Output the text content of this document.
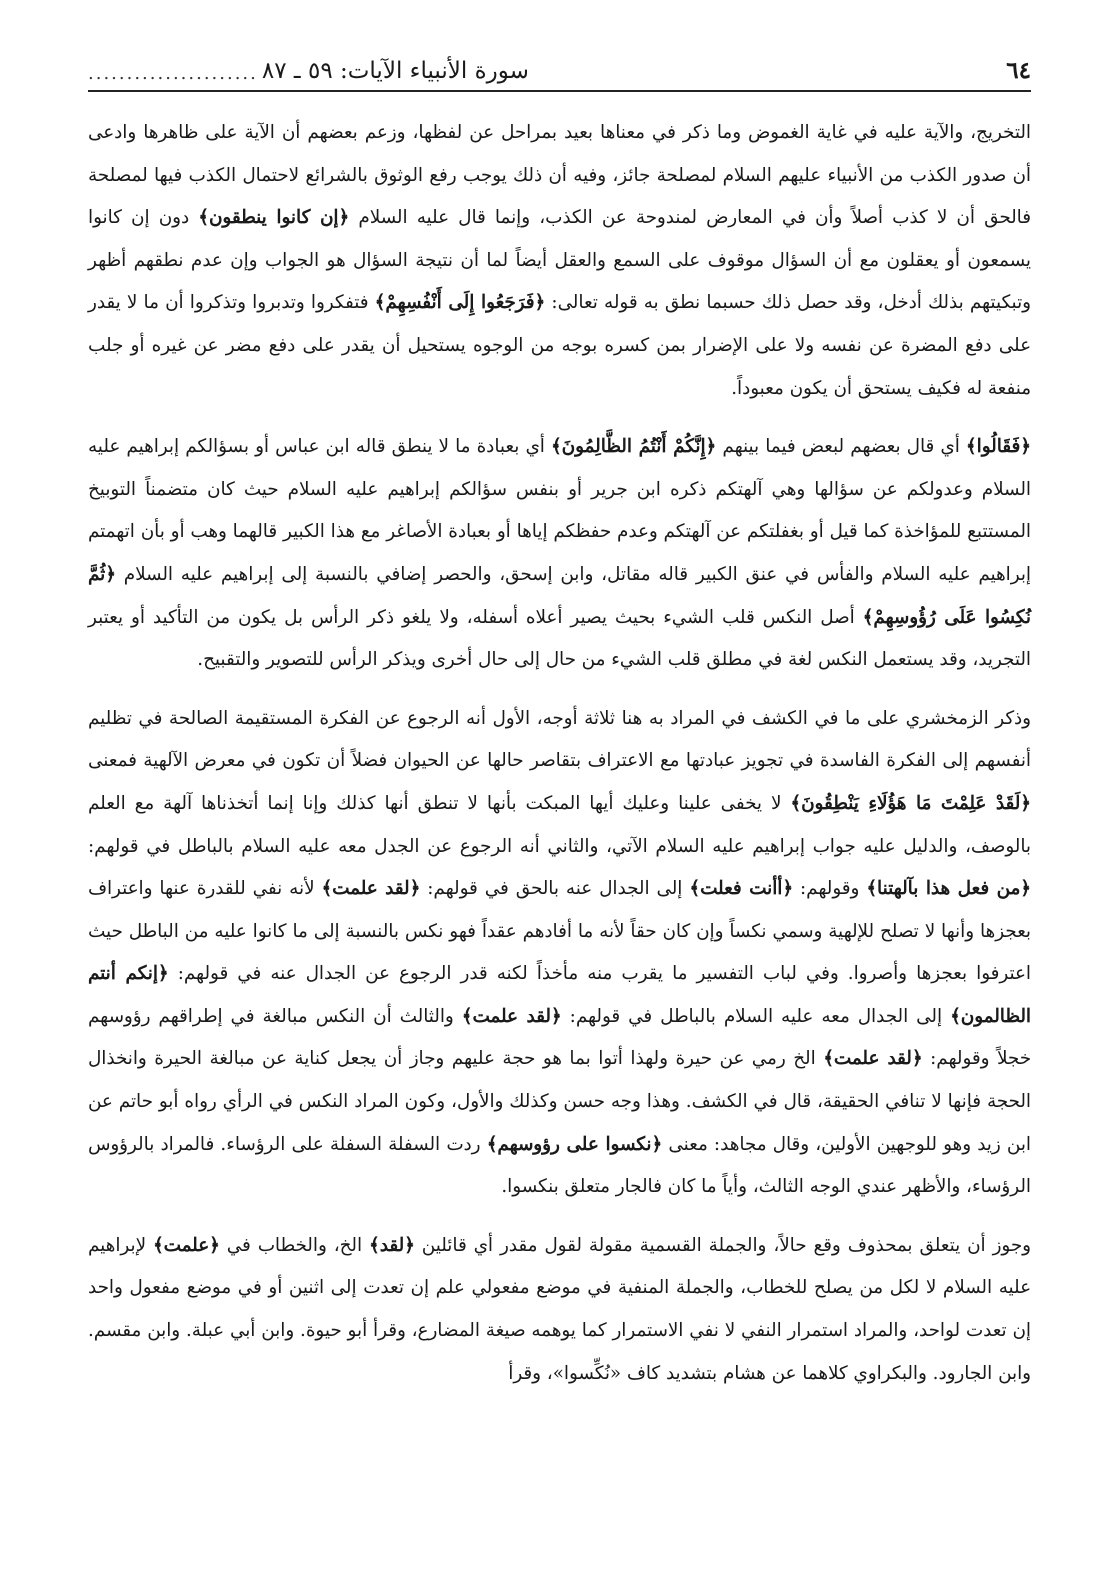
٦٤
سورة الأنبياء الآيات: ٥٩ ـ ٨٧
......................

التخريج، والآية عليه في غاية الغموض وما ذكر في معناها بعيد بمراحل عن لفظها، وزعم بعضهم أن الآية على ظاهرها وادعى أن صدور الكذب من الأنبياء عليهم السلام لمصلحة جائز، وفيه أن ذلك يوجب رفع الوثوق بالشرائع لاحتمال الكذب فيها لمصلحة فالحق أن لا كذب أصلاً وأن في المعارض لمندوحة عن الكذب، وإنما قال عليه السلام ﴿إن كانوا ينطقون﴾ دون إن كانوا يسمعون أو يعقلون مع أن السؤال موقوف على السمع والعقل أيضاً لما أن نتيجة السؤال هو الجواب وإن عدم نطقهم أظهر وتبكيتهم بذلك أدخل، وقد حصل ذلك حسبما نطق به قوله تعالى: ﴿فَرَجَعُوا إِلَى أَنْفُسِهِمْ﴾ فتفكروا وتدبروا وتذكروا أن ما لا يقدر على دفع المضرة عن نفسه ولا على الإضرار بمن كسره بوجه من الوجوه يستحيل أن يقدر على دفع مضر عن غيره أو جلب منفعة له فكيف يستحق أن يكون معبوداً.

﴿فَقَالُوا﴾ أي قال بعضهم لبعض فيما بينهم ﴿إِنَّكُمْ أَنْتُمُ الظَّالِمُونَ﴾ أي بعبادة ما لا ينطق قاله ابن عباس أو بسؤالكم إبراهيم عليه السلام وعدولكم عن سؤالها وهي آلهتكم ذكره ابن جرير أو بنفس سؤالكم إبراهيم عليه السلام حيث كان متضمناً التوبيخ المستتبع للمؤاخذة كما قيل أو بغفلتكم عن آلهتكم وعدم حفظكم إياها أو بعبادة الأصاغر مع هذا الكبير قالهما وهب أو بأن اتهمتم إبراهيم عليه السلام والفأس في عنق الكبير قاله مقاتل، وابن إسحق، والحصر إضافي بالنسبة إلى إبراهيم عليه السلام ﴿ثُمَّ نُكِسُوا عَلَى رُؤُوسِهِمْ﴾ أصل النكس قلب الشيء بحيث يصير أعلاه أسفله، ولا يلغو ذكر الرأس بل يكون من التأكيد أو يعتبر التجريد، وقد يستعمل النكس لغة في مطلق قلب الشيء من حال إلى حال أخرى ويذكر الرأس للتصوير والتقبيح.

وذكر الزمخشري على ما في الكشف في المراد به هنا ثلاثة أوجه، الأول أنه الرجوع عن الفكرة المستقيمة الصالحة في تظليم أنفسهم إلى الفكرة الفاسدة في تجويز عبادتها مع الاعتراف بتقاصر حالها عن الحيوان فضلاً أن تكون في معرض الآلهية فمعنى ﴿لَقَدْ عَلِمْتَ مَا هَؤُلَاءِ يَنْطِقُونَ﴾ لا يخفى علينا وعليك أيها المبكت بأنها لا تنطق أنها كذلك وإنا إنما أتخذناها آلهة مع العلم بالوصف، والدليل عليه جواب إبراهيم عليه السلام الآتي، والثاني أنه الرجوع عن الجدل معه عليه السلام بالباطل في قولهم: ﴿من فعل هذا بآلهتنا﴾ وقولهم: ﴿أأنت فعلت﴾ إلى الجدال عنه بالحق في قولهم: ﴿لقد علمت﴾ لأنه نفي للقدرة عنها واعتراف بعجزها وأنها لا تصلح للإلهية وسمي نكساً وإن كان حقاً لأنه ما أفادهم عقداً فهو نكس بالنسبة إلى ما كانوا عليه من الباطل حيث اعترفوا بعجزها وأصروا. وفي لباب التفسير ما يقرب منه مأخذاً لكنه قدر الرجوع عن الجدال عنه في قولهم: ﴿إنكم أنتم الظالمون﴾ إلى الجدال معه عليه السلام بالباطل في قولهم: ﴿لقد علمت﴾ والثالث أن النكس مبالغة في إطراقهم رؤوسهم خجلاً وقولهم: ﴿لقد علمت﴾ الخ رمي عن حيرة ولهذا أتوا بما هو حجة عليهم وجاز أن يجعل كناية عن مبالغة الحيرة وانخذال الحجة فإنها لا تنافي الحقيقة، قال في الكشف. وهذا وجه حسن وكذلك والأول، وكون المراد النكس في الرأي رواه أبو حاتم عن ابن زيد وهو للوجهين الأولين، وقال مجاهد: معنى ﴿نكسوا على رؤوسهم﴾ ردت السفلة السفلة على الرؤساء. فالمراد بالرؤوس الرؤساء، والأظهر عندي الوجه الثالث، وأياً ما كان فالجار متعلق بنكسوا.

وجوز أن يتعلق بمحذوف وقع حالاً، والجملة القسمية مقولة لقول مقدر أي قائلين ﴿لقد﴾ الخ، والخطاب في ﴿علمت﴾ لإبراهيم عليه السلام لا لكل من يصلح للخطاب، والجملة المنفية في موضع مفعولي علم إن تعدت إلى اثنين أو في موضع مفعول واحد إن تعدت لواحد، والمراد استمرار النفي لا نفي الاستمرار كما يوهمه صيغة المضارع، وقرأ أبو حيوة. وابن أبي عبلة. وابن مقسم. وابن الجارود. والبكراوي كلاهما عن هشام بتشديد كاف «نُكِّسوا»، وقرأ
